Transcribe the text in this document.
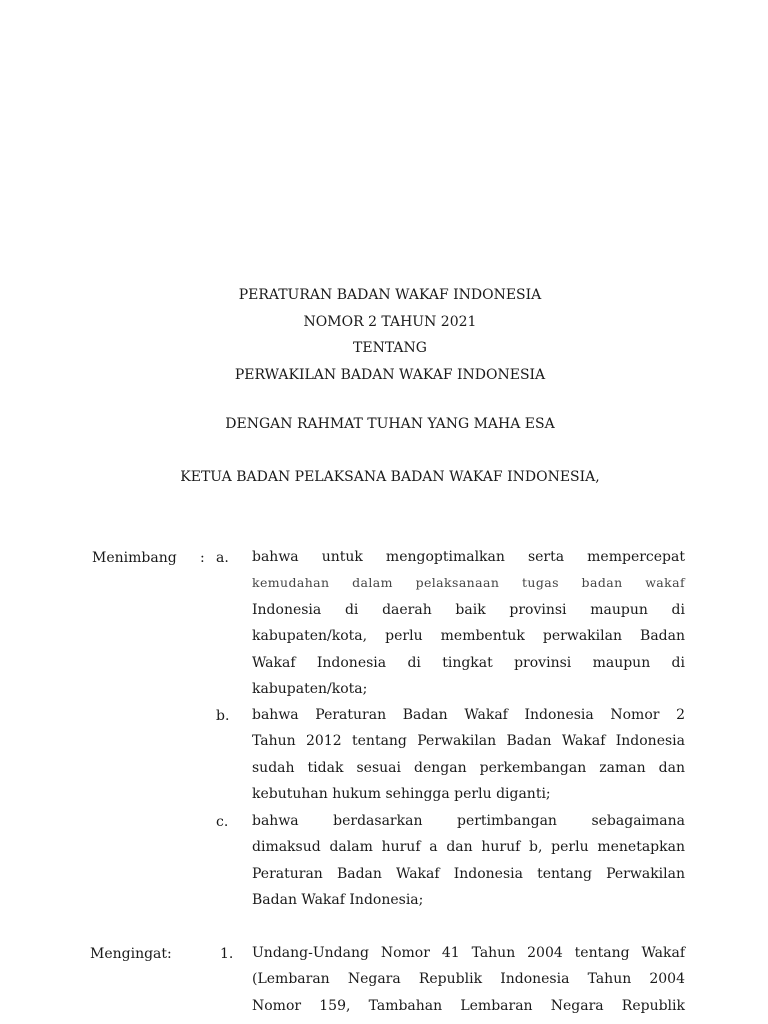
PERATURAN BADAN WAKAF INDONESIA
NOMOR 2 TAHUN 2021
TENTANG
PERWAKILAN BADAN WAKAF INDONESIA
DENGAN RAHMAT TUHAN YANG MAHA ESA
KETUA BADAN PELAKSANA BADAN WAKAF INDONESIA,
Menimbang : a. bahwa untuk mengoptimalkan serta mempercepat
kemudahan dalam pelaksanaan tugas badan wakaf
Indonesia di daerah baik provinsi maupun di
kabupaten/kota, perlu membentuk perwakilan Badan
Wakaf Indonesia di tingkat provinsi maupun di
kabupaten/kota;
b. bahwa Peraturan Badan Wakaf Indonesia Nomor 2
Tahun 2012 tentang Perwakilan Badan Wakaf Indonesia
sudah tidak sesuai dengan perkembangan zaman dan
kebutuhan hukum sehingga perlu diganti;
c. bahwa berdasarkan pertimbangan sebagaimana
dimaksud dalam huruf a dan huruf b, perlu menetapkan
Peraturan Badan Wakaf Indonesia tentang Perwakilan
Badan Wakaf Indonesia;
Mengingat:	1. Undang-Undang Nomor 41 Tahun 2004 tentang Wakaf
(Lembaran Negara Republik Indonesia Tahun 2004
Nomor 159, Tambahan Lembaran Negara Republik
